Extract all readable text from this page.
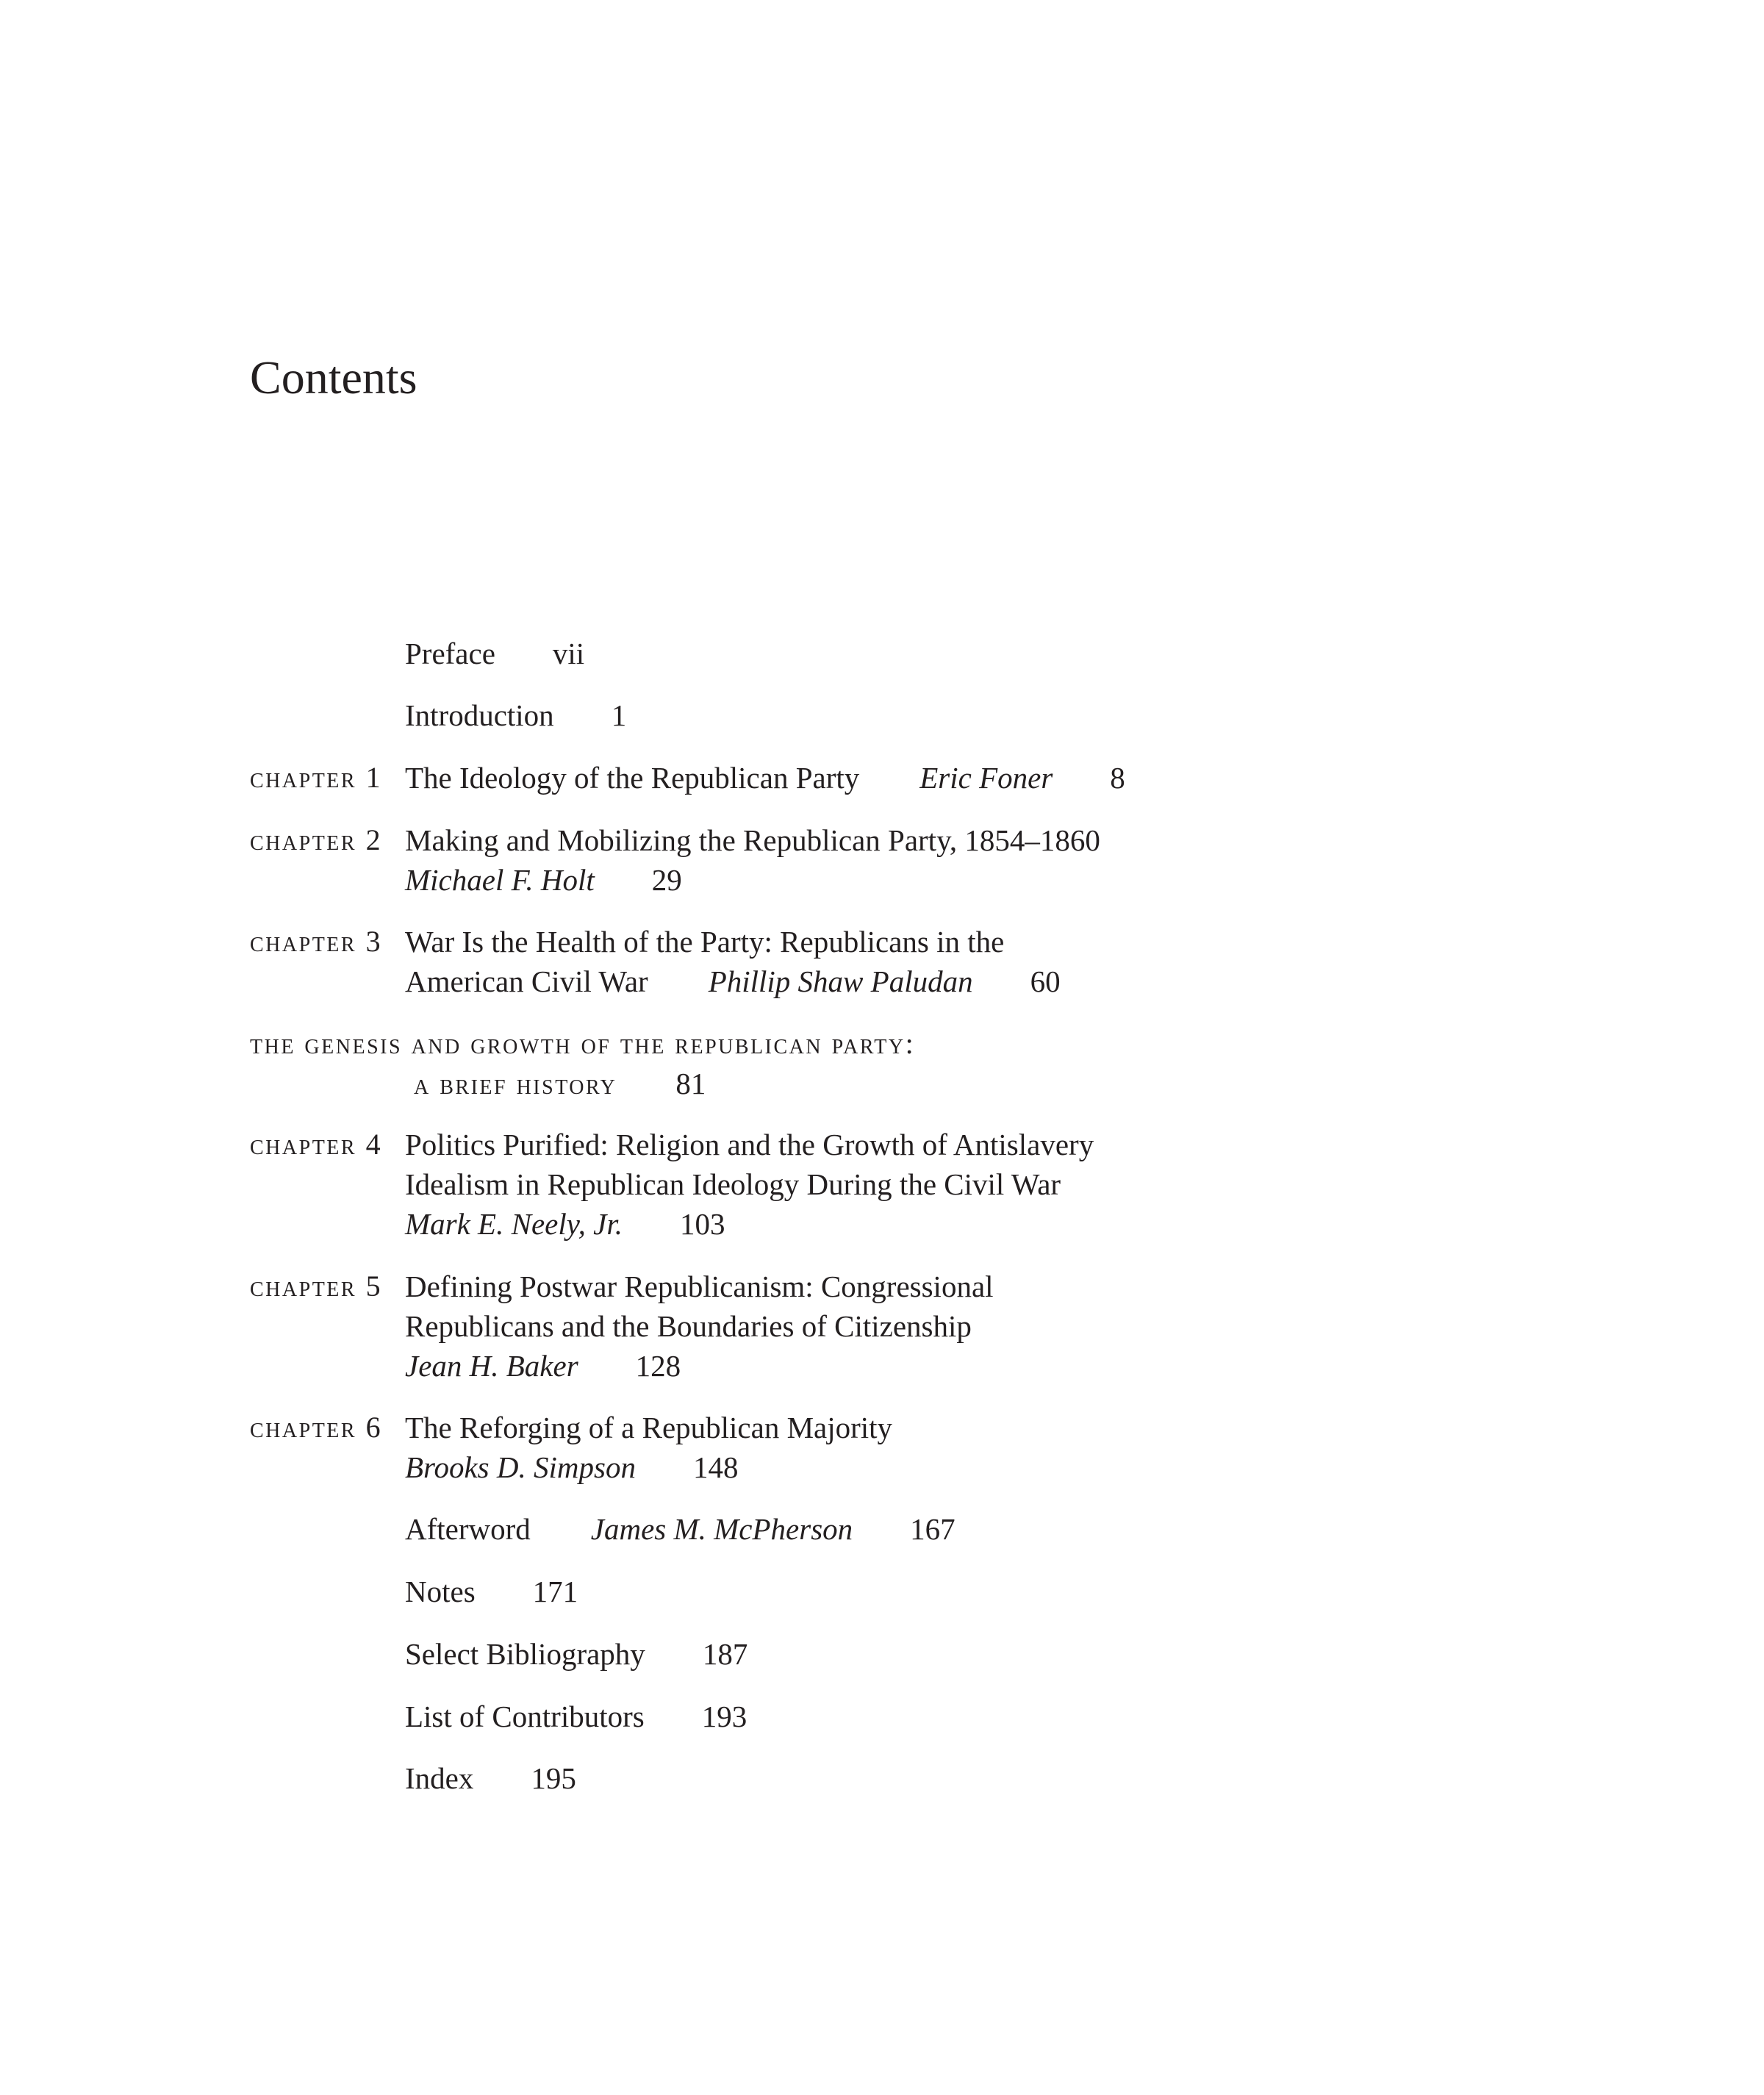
Contents
Preface vii
Introduction 1
chapter 1 The Ideology of the Republican Party Eric Foner 8
chapter 2 Making and Mobilizing the Republican Party, 1854–1860
Michael F. Holt 29
chapter 3 War Is the Health of the Party: Republicans in the
American Civil War Phillip Shaw Paludan 60
the genesis and growth of the republican party:
a brief history 81
chapter 4 Politics Purified: Religion and the Growth of Antislavery
Idealism in Republican Ideology During the Civil War
Mark E. Neely, Jr. 103
chapter 5 Defining Postwar Republicanism: Congressional
Republicans and the Boundaries of Citizenship
Jean H. Baker 128
chapter 6 The Reforging of a Republican Majority
Brooks D. Simpson 148
Afterword James M. McPherson 167
Notes 171
Select Bibliography 187
List of Contributors 193
Index 195
